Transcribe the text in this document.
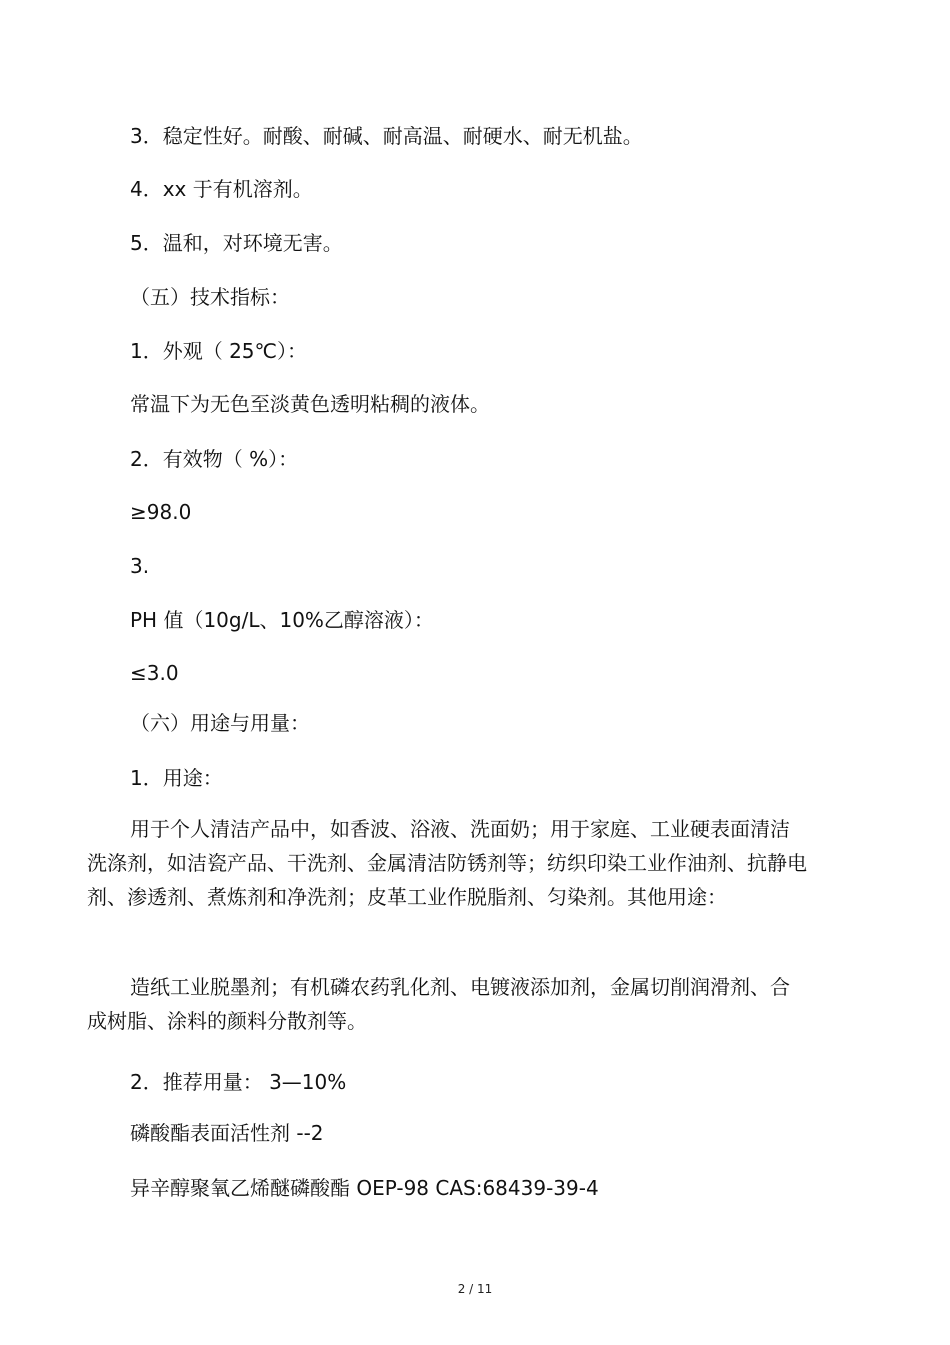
3．稳定性好。耐酸、耐碱、耐高温、耐硬水、耐无机盐。
4．xx 于有机溶剂。
5．温和，对环境无害。
（五）技术指标：
1．外观（ 25℃）：
常温下为无色至淡黄色透明粘稠的液体。
2．有效物（ %）：
≥98.0
3.
PH 值（10g/L、10%乙醇溶液）：
≤3.0
（六）用途与用量：
1．用途：
用于个人清洁产品中，如香波、浴液、洗面奶；用于家庭、工业硬表面清洁洗涤剂，如洁瓷产品、干洗剂、金属清洁防锈剂等；纺织印染工业作油剂、抗静电剂、渗透剂、煮炼剂和净洗剂；皮革工业作脱脂剂、匀染剂。其他用途：
造纸工业脱墨剂；有机磷农药乳化剂、电镀液添加剂，金属切削润滑剂、合成树脂、涂料的颜料分散剂等。
2．推荐用量： 3—10%
磷酸酯表面活性剂 --2
异辛醇聚氧乙烯醚磷酸酯 OEP-98 CAS:68439-39-4
2 / 11
